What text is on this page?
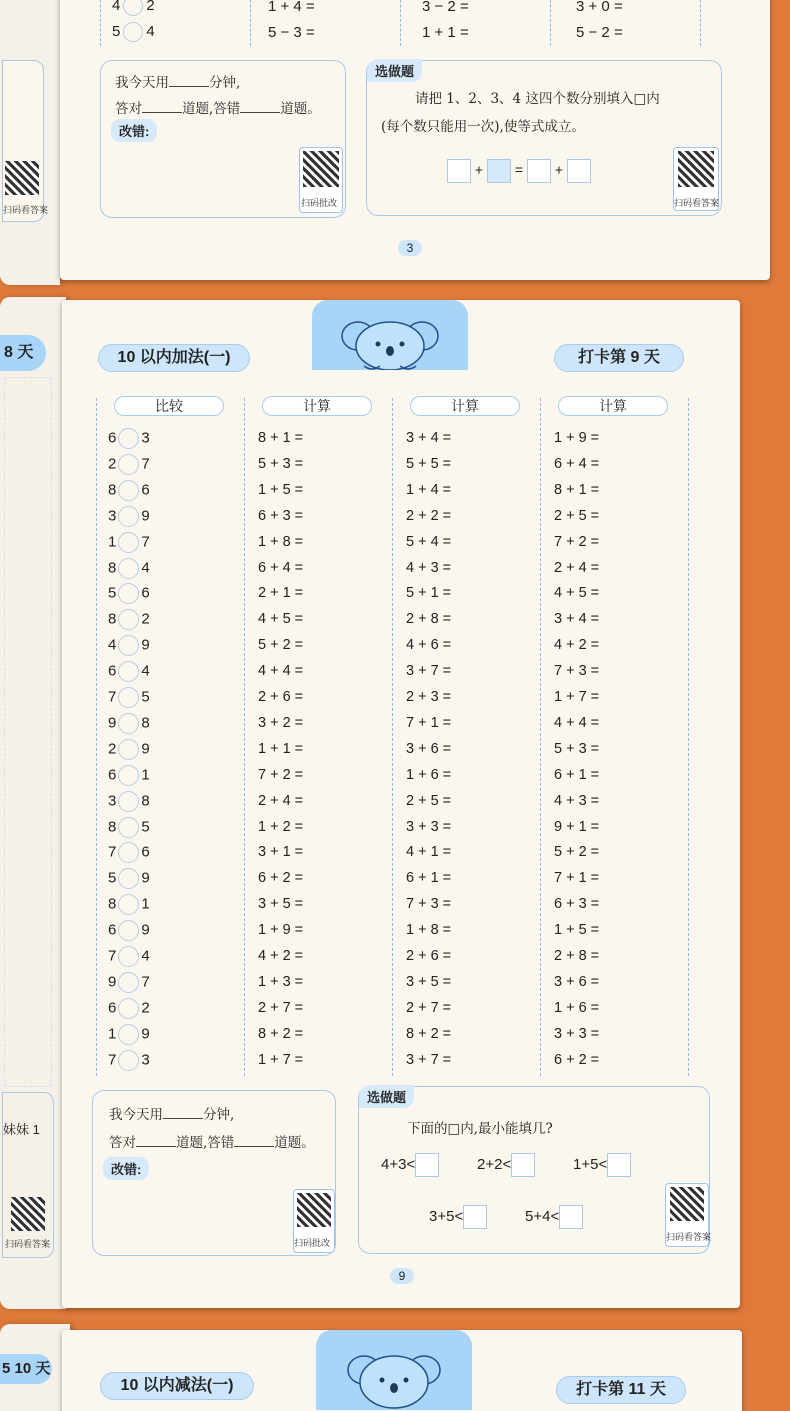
扫码看答案
4 2	1 + 4 =	3 − 2 =	3 + 0 =
5 4	5 − 3 =	1 + 1 =	5 − 2 =
我今天用	分钟,
答对	道题,答错	道题。
改错:
扫码批改
选做题
请把 1、2、3、4 这四个数分别填入□内
(每个数只能用一次),使等式成立。
+ = +
扫码看答案
3
8 天
妹妹 1
扫码看答案
10 以内加法(一)	打卡第 9 天
比较	计算	计算	计算
6 3	8 + 1 =	3 + 4 =	1 + 9 =
2 7	5 + 3 =	5 + 5 =	6 + 4 =
8 6	1 + 5 =	1 + 4 =	8 + 1 =
3 9	6 + 3 =	2 + 2 =	2 + 5 =
1 7	1 + 8 =	5 + 4 =	7 + 2 =
8 4	6 + 4 =	4 + 3 =	2 + 4 =
5 6	2 + 1 =	5 + 1 =	4 + 5 =
8 2	4 + 5 =	2 + 8 =	3 + 4 =
4 9	5 + 2 =	4 + 6 =	4 + 2 =
6 4	4 + 4 =	3 + 7 =	7 + 3 =
7 5	2 + 6 =	2 + 3 =	1 + 7 =
9 8	3 + 2 =	7 + 1 =	4 + 4 =
2 9	1 + 1 =	3 + 6 =	5 + 3 =
6 1	7 + 2 =	1 + 6 =	6 + 1 =
3 8	2 + 4 =	2 + 5 =	4 + 3 =
8 5	1 + 2 =	3 + 3 =	9 + 1 =
7 6	3 + 1 =	4 + 1 =	5 + 2 =
5 9	6 + 2 =	6 + 1 =	7 + 1 =
8 1	3 + 5 =	7 + 3 =	6 + 3 =
6 9	1 + 9 =	1 + 8 =	1 + 5 =
7 4	4 + 2 =	2 + 6 =	2 + 8 =
9 7	1 + 3 =	3 + 5 =	3 + 6 =
6 2	2 + 7 =	2 + 7 =	1 + 6 =
1 9	8 + 2 =	8 + 2 =	3 + 3 =
7 3	1 + 7 =	3 + 7 =	6 + 2 =
我今天用	分钟,
答对	道题,答错	道题。
改错:
扫码批改
选做题
下面的□内,最小能填几?
4+3<	2+2<	1+5<
3+5<	5+4<
扫码看答案
9
5 10 天
10 以内减法(一)	打卡第 11 天
